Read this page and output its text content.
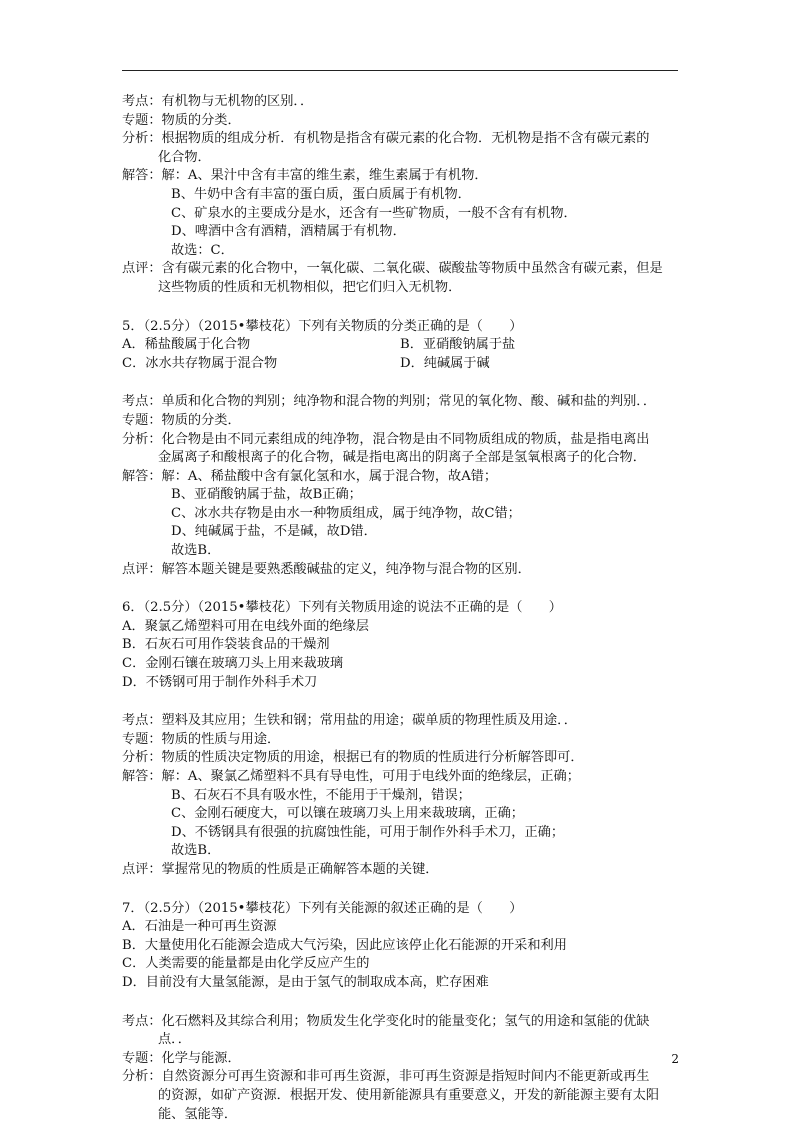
考点：有机物与无机物的区别．．
专题：物质的分类．
分析：根据物质的组成分析．有机物是指含有碳元素的化合物．无机物是指不含有碳元素的
化合物．
解答：解：A、果汁中含有丰富的维生素，维生素属于有机物．
B、牛奶中含有丰富的蛋白质，蛋白质属于有机物．
C、矿泉水的主要成分是水，还含有一些矿物质，一般不含有有机物．
D、啤酒中含有酒精，酒精属于有机物．
故选：C．
点评：含有碳元素的化合物中，一氧化碳、二氧化碳、碳酸盐等物质中虽然含有碳元素，但是
这些物质的性质和无机物相似，把它们归入无机物．
5．（2.5分）（2015•攀枝花）下列有关物质的分类正确的是（　　）
A．稀盐酸属于化合物	B．亚硝酸钠属于盐
C．冰水共存物属于混合物	D．纯碱属于碱
考点：单质和化合物的判别；纯净物和混合物的判别；常见的氧化物、酸、碱和盐的判别．．
专题：物质的分类．
分析：化合物是由不同元素组成的纯净物，混合物是由不同物质组成的物质，盐是指电离出
金属离子和酸根离子的化合物，碱是指电离出的阴离子全部是氢氧根离子的化合物．
解答：解：A、稀盐酸中含有氯化氢和水，属于混合物，故A错；
B、亚硝酸钠属于盐，故B正确；
C、冰水共存物是由水一种物质组成，属于纯净物，故C错；
D、纯碱属于盐，不是碱，故D错．
故选B．
点评：解答本题关键是要熟悉酸碱盐的定义，纯净物与混合物的区别．
6．（2.5分）（2015•攀枝花）下列有关物质用途的说法不正确的是（　　）
A．聚氯乙烯塑料可用在电线外面的绝缘层
B．石灰石可用作袋装食品的干燥剂
C．金刚石镶在玻璃刀头上用来裁玻璃
D．不锈钢可用于制作外科手术刀
考点：塑料及其应用；生铁和钢；常用盐的用途；碳单质的物理性质及用途．．
专题：物质的性质与用途．
分析：物质的性质决定物质的用途，根据已有的物质的性质进行分析解答即可．
解答：解：A、聚氯乙烯塑料不具有导电性，可用于电线外面的绝缘层，正确；
B、石灰石不具有吸水性，不能用于干燥剂，错误；
C、金刚石硬度大，可以镶在玻璃刀头上用来裁玻璃，正确；
D、不锈钢具有很强的抗腐蚀性能，可用于制作外科手术刀，正确；
故选B．
点评：掌握常见的物质的性质是正确解答本题的关键．
7．（2.5分）（2015•攀枝花）下列有关能源的叙述正确的是（　　）
A．石油是一种可再生资源
B．大量使用化石能源会造成大气污染，因此应该停止化石能源的开采和利用
C．人类需要的能量都是由化学反应产生的
D．目前没有大量氢能源，是由于氢气的制取成本高，贮存困难
考点：化石燃料及其综合利用；物质发生化学变化时的能量变化；氢气的用途和氢能的优缺
点．．
专题：化学与能源．
分析：自然资源分可再生资源和非可再生资源，非可再生资源是指短时间内不能更新或再生
的资源，如矿产资源．根据开发、使用新能源具有重要意义，开发的新能源主要有太阳
能、氢能等．
2
